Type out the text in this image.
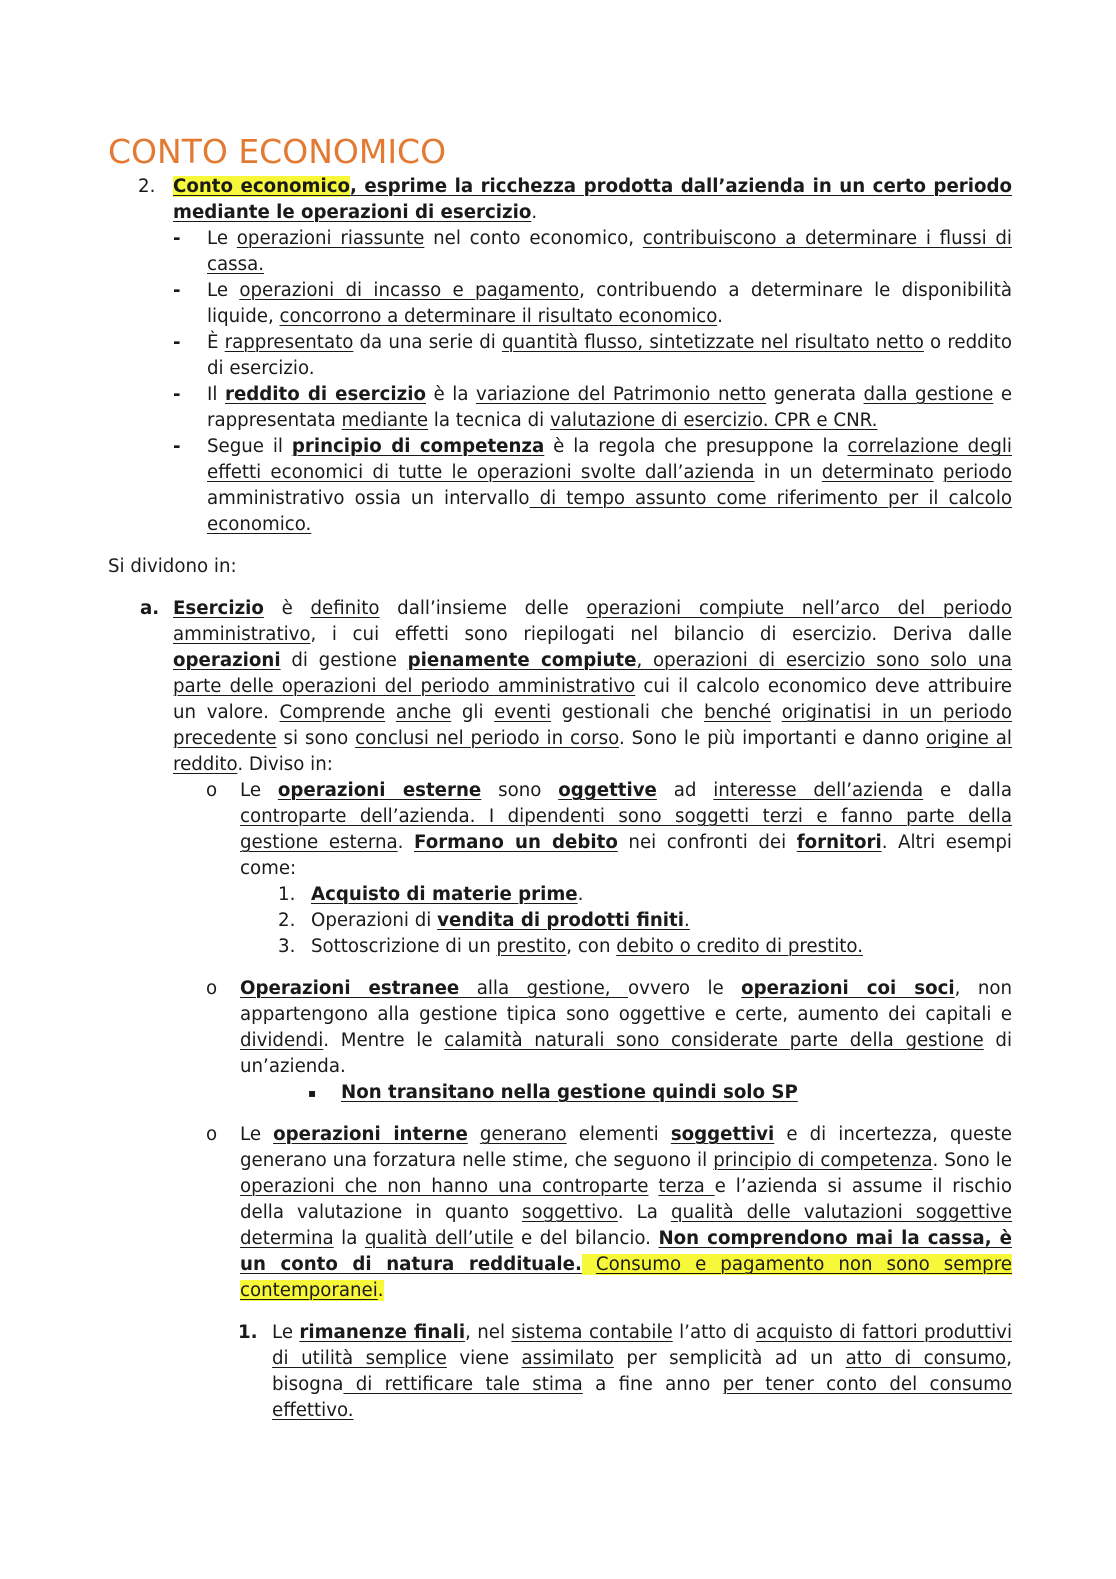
CONTO ECONOMICO
2. Conto economico, esprime la ricchezza prodotta dall’azienda in un certo periodo mediante le operazioni di esercizio.
-	Le operazioni riassunte nel conto economico, contribuiscono a determinare i flussi di cassa.
-	Le operazioni di incasso e pagamento, contribuendo a determinare le disponibilità liquide, concorrono a determinare il risultato economico.
-	È rappresentato da una serie di quantità flusso, sintetizzate nel risultato netto o reddito di esercizio.
-	Il reddito di esercizio è la variazione del Patrimonio netto generata dalla gestione e rappresentata mediante la tecnica di valutazione di esercizio. CPR e CNR.
-	Segue il principio di competenza è la regola che presuppone la correlazione degli effetti economici di tutte le operazioni svolte dall’azienda in un determinato periodo amministrativo ossia un intervallo di tempo assunto come riferimento per il calcolo economico.

Si dividono in:

a. Esercizio è definito dall’insieme delle operazioni compiute nell’arco del periodo amministrativo, i cui effetti sono riepilogati nel bilancio di esercizio. Deriva dalle operazioni di gestione pienamente compiute, operazioni di esercizio sono solo una parte delle operazioni del periodo amministrativo cui il calcolo economico deve attribuire un valore. Comprende anche gli eventi gestionali che benché originatisi in un periodo precedente si sono conclusi nel periodo in corso. Sono le più importanti e danno origine al reddito. Diviso in:
o	Le operazioni esterne sono oggettive ad interesse dell’azienda e dalla controparte dell’azienda. I dipendenti sono soggetti terzi e fanno parte della gestione esterna. Formano un debito nei confronti dei fornitori. Altri esempi come:
1. Acquisto di materie prime.
2. Operazioni di vendita di prodotti finiti.
3. Sottoscrizione di un prestito, con debito o credito di prestito.
o	Operazioni estranee alla gestione, ovvero le operazioni coi soci, non appartengono alla gestione tipica sono oggettive e certe, aumento dei capitali e dividendi. Mentre le calamità naturali sono considerate parte della gestione di un’azienda.
▪	Non transitano nella gestione quindi solo SP
o	Le operazioni interne generano elementi soggettivi e di incertezza, queste generano una forzatura nelle stime, che seguono il principio di competenza. Sono le operazioni che non hanno una controparte terza e l’azienda si assume il rischio della valutazione in quanto soggettivo. La qualità delle valutazioni soggettive determina la qualità dell’utile e del bilancio. Non comprendono mai la cassa, è un conto di natura reddituale. Consumo e pagamento non sono sempre contemporanei.
1. Le rimanenze finali, nel sistema contabile l’atto di acquisto di fattori produttivi di utilità semplice viene assimilato per semplicità ad un atto di consumo, bisogna di rettificare tale stima a fine anno per tener conto del consumo effettivo.
